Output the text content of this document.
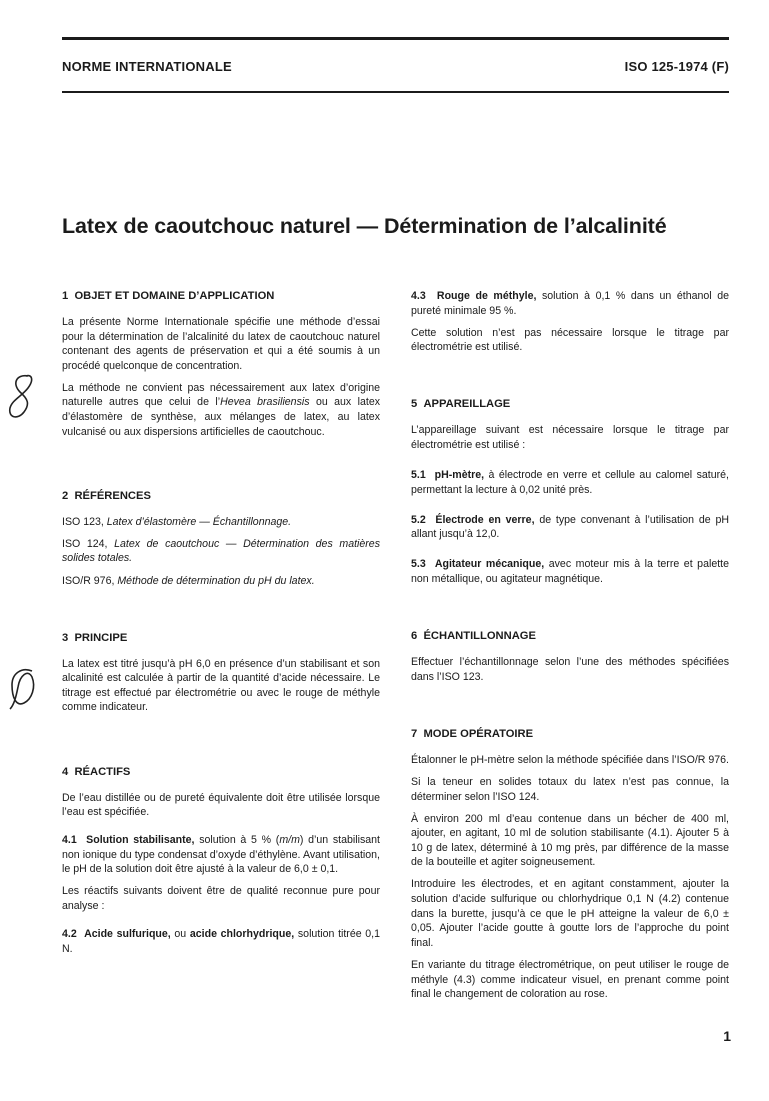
NORME INTERNATIONALE	ISO 125-1974 (F)
Latex de caoutchouc naturel — Détermination de l’alcalinité
1 OBJET ET DOMAINE D’APPLICATION

La présente Norme Internationale spécifie une méthode d’essai pour la détermination de l’alcalinité du latex de caoutchouc naturel contenant des agents de préservation et qui a été soumis à un procédé quelconque de concentration.

La méthode ne convient pas nécessairement aux latex d’origine naturelle autres que celui de l’Hevea brasiliensis ou aux latex d’élastomère de synthèse, aux mélanges de latex, au latex vulcanisé ou aux dispersions artificielles de caoutchouc.

2 RÉFÉRENCES

ISO 123, Latex d’élastomère — Échantillonnage.

ISO 124, Latex de caoutchouc — Détermination des matières solides totales.

ISO/R 976, Méthode de détermination du pH du latex.

3 PRINCIPE

La latex est titré jusqu’à pH 6,0 en présence d’un stabilisant et son alcalinité est calculée à partir de la quantité d’acide nécessaire. Le titrage est effectué par électrométrie ou avec le rouge de méthyle comme indicateur.

4 RÉACTIFS

De l’eau distillée ou de pureté équivalente doit être utilisée lorsque l’eau est spécifiée.

4.1 Solution stabilisante, solution à 5 % (m/m) d’un stabilisant non ionique du type condensat d’oxyde d’éthylène. Avant utilisation, le pH de la solution doit être ajusté à la valeur de 6,0 ± 0,1.

Les réactifs suivants doivent être de qualité reconnue pure pour analyse :

4.2 Acide sulfurique, ou acide chlorhydrique, solution titrée 0,1 N.

4.3 Rouge de méthyle, solution à 0,1 % dans un éthanol de pureté minimale 95 %.

Cette solution n’est pas nécessaire lorsque le titrage par électrométrie est utilisé.

5 APPAREILLAGE

L’appareillage suivant est nécessaire lorsque le titrage par électrométrie est utilisé :

5.1 pH-mètre, à électrode en verre et cellule au calomel saturé, permettant la lecture à 0,02 unité près.

5.2 Électrode en verre, de type convenant à l’utilisation de pH allant jusqu’à 12,0.

5.3 Agitateur mécanique, avec moteur mis à la terre et palette non métallique, ou agitateur magnétique.

6 ÉCHANTILLONNAGE

Effectuer l’échantillonnage selon l’une des méthodes spécifiées dans l’ISO 123.

7 MODE OPÉRATOIRE

Étalonner le pH-mètre selon la méthode spécifiée dans l’ISO/R 976.

Si la teneur en solides totaux du latex n’est pas connue, la déterminer selon l’ISO 124.

À environ 200 ml d’eau contenue dans un bécher de 400 ml, ajouter, en agitant, 10 ml de solution stabilisante (4.1). Ajouter 5 à 10 g de latex, déterminé à 10 mg près, par différence de la masse de la bouteille et agiter soigneusement.

Introduire les électrodes, et en agitant constamment, ajouter la solution d’acide sulfurique ou chlorhydrique 0,1 N (4.2) contenue dans la burette, jusqu’à ce que le pH atteigne la valeur de 6,0 ± 0,05. Ajouter l’acide goutte à goutte lors de l’approche du point final.

En variante du titrage électrométrique, on peut utiliser le rouge de méthyle (4.3) comme indicateur visuel, en prenant comme point final le changement de coloration au rose.

1
